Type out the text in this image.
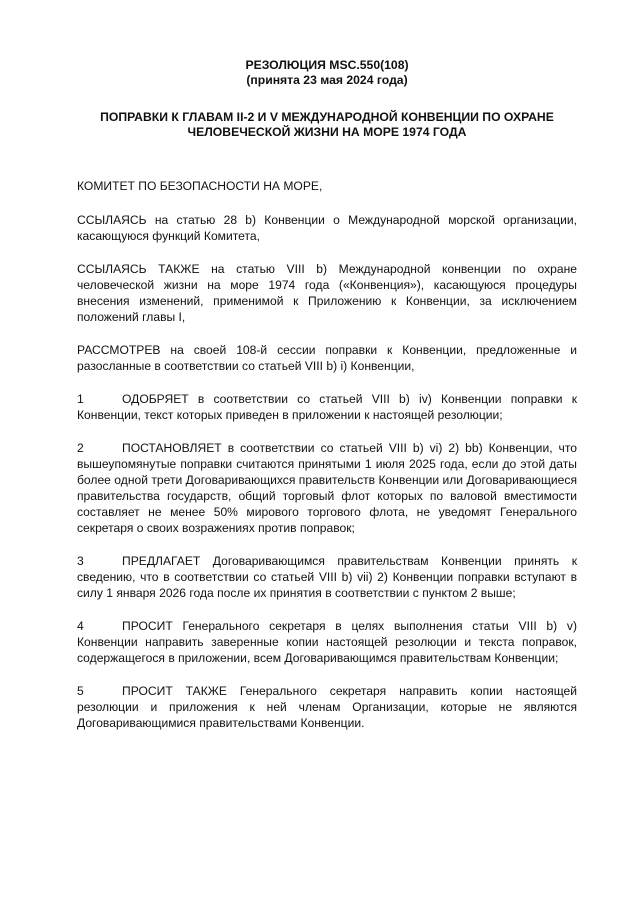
РЕЗОЛЮЦИЯ MSC.550(108)
(принята 23 мая 2024 года)
ПОПРАВКИ К ГЛАВАМ II-2 И V МЕЖДУНАРОДНОЙ КОНВЕНЦИИ ПО ОХРАНЕ
ЧЕЛОВЕЧЕСКОЙ ЖИЗНИ НА МОРЕ 1974 ГОДА

КОМИТЕТ ПО БЕЗОПАСНОСТИ НА МОРЕ,

ССЫЛАЯСЬ на статью 28 b) Конвенции о Международной морской организации, касающуюся функций Комитета,

ССЫЛАЯСЬ ТАКЖЕ на статью VIII b) Международной конвенции по охране человеческой жизни на море 1974 года («Конвенция»), касающуюся процедуры внесения изменений, применимой к Приложению к Конвенции, за исключением положений главы I,

РАССМОТРЕВ на своей 108-й сессии поправки к Конвенции, предложенные и разосланные в соответствии со статьей VIII b) i) Конвенции,

1	ОДОБРЯЕТ в соответствии со статьей VIII b) iv) Конвенции поправки к Конвенции, текст которых приведен в приложении к настоящей резолюции;

2	ПОСТАНОВЛЯЕТ в соответствии со статьей VIII b) vi) 2) bb) Конвенции, что вышеупомянутые поправки считаются принятыми 1 июля 2025 года, если до этой даты более одной трети Договаривающихся правительств Конвенции или Договаривающиеся правительства государств, общий торговый флот которых по валовой вместимости составляет не менее 50% мирового торгового флота, не уведомят Генерального секретаря о своих возражениях против поправок;

3	ПРЕДЛАГАЕТ Договаривающимся правительствам Конвенции принять к сведению, что в соответствии со статьей VIII b) vii) 2) Конвенции поправки вступают в силу 1 января 2026 года после их принятия в соответствии с пунктом 2 выше;

4	ПРОСИТ Генерального секретаря в целях выполнения статьи VIII b) v) Конвенции направить заверенные копии настоящей резолюции и текста поправок, содержащегося в приложении, всем Договаривающимся правительствам Конвенции;

5	ПРОСИТ ТАКЖЕ Генерального секретаря направить копии настоящей резолюции и приложения к ней членам Организации, которые не являются Договаривающимися правительствами Конвенции.
